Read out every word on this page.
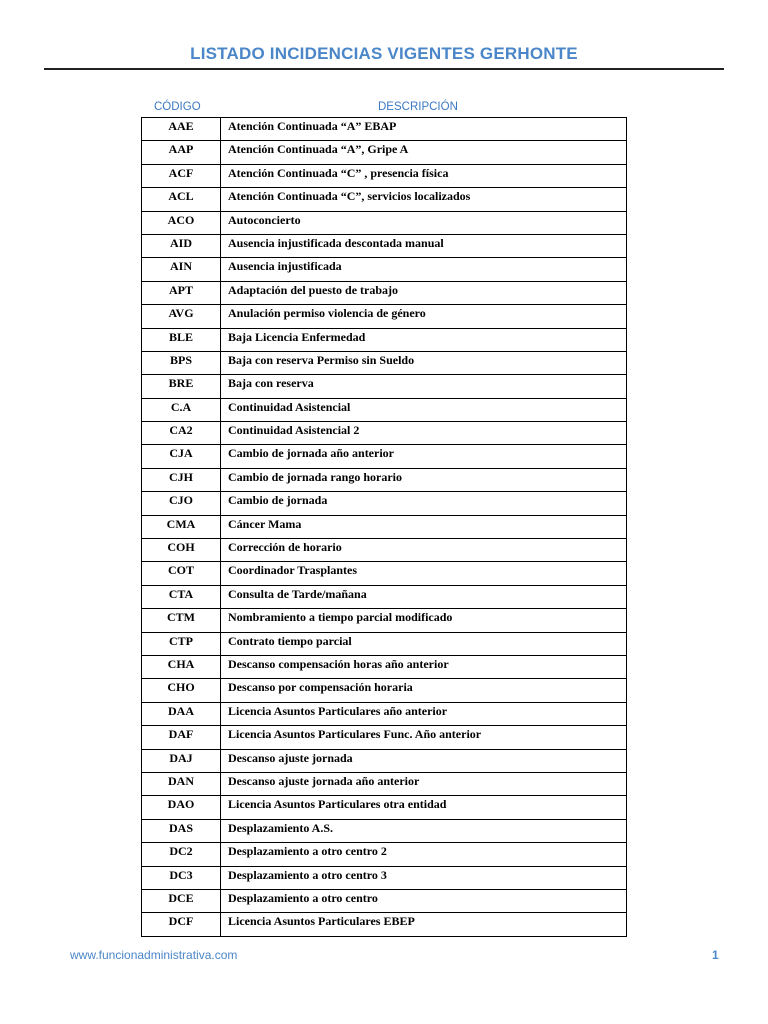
LISTADO INCIDENCIAS VIGENTES GERHONTE
CÓDIGO	DESCRIPCIÓN
AAE	Atención Continuada “A” EBAP
AAP	Atención Continuada “A”, Gripe A
ACF	Atención Continuada “C” , presencia física
ACL	Atención Continuada “C”, servicios localizados
ACO	Autoconcierto
AID	Ausencia injustificada descontada manual
AIN	Ausencia injustificada
APT	Adaptación del puesto de trabajo
AVG	Anulación permiso violencia de género
BLE	Baja Licencia Enfermedad
BPS	Baja con reserva Permiso sin Sueldo
BRE	Baja con reserva
C.A	Continuidad Asistencial
CA2	Continuidad Asistencial 2
CJA	Cambio de jornada año anterior
CJH	Cambio de jornada rango horario
CJO	Cambio de jornada
CMA	Cáncer Mama
COH	Corrección de horario
COT	Coordinador Trasplantes
CTA	Consulta de Tarde/mañana
CTM	Nombramiento a tiempo parcial modificado
CTP	Contrato tiempo parcial
CHA	Descanso compensación horas año anterior
CHO	Descanso por compensación horaria
DAA	Licencia Asuntos Particulares año anterior
DAF	Licencia Asuntos Particulares Func. Año anterior
DAJ	Descanso ajuste jornada
DAN	Descanso ajuste jornada año anterior
DAO	Licencia Asuntos Particulares otra entidad
DAS	Desplazamiento A.S.
DC2	Desplazamiento a otro centro 2
DC3	Desplazamiento a otro centro 3
DCE	Desplazamiento a otro centro
DCF	Licencia Asuntos Particulares EBEP
www.funcionadministrativa.com	1
